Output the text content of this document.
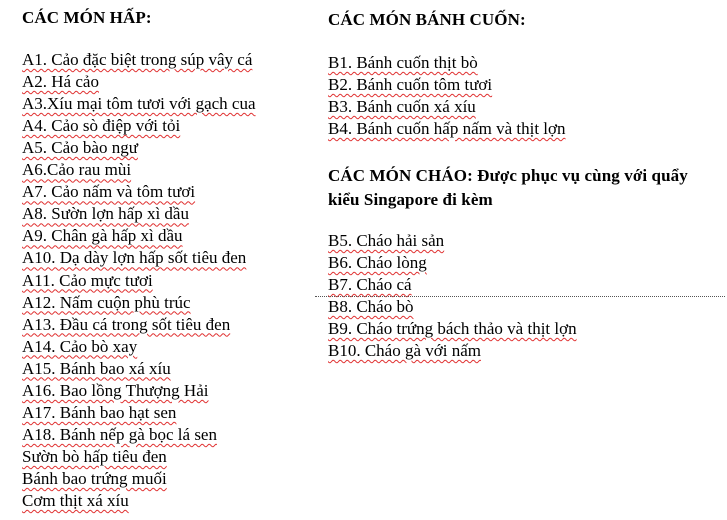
CÁC MÓN HẤP:
A1. Cảo đặc biệt trong súp vây cá
A2. Há cảo
A3.Xíu mại tôm tươi với gạch cua
A4. Cảo sò điệp với tỏi
A5. Cảo bào ngư
A6.Cảo rau mùi
A7. Cảo nấm và tôm tươi
A8. Sườn lợn hấp xì dầu
A9. Chân gà hấp xì dầu
A10. Dạ dày lợn hấp sốt tiêu đen
A11. Cảo mực tươi
A12. Nấm cuộn phù trúc
A13. Đầu cá trong sốt tiêu đen
A14. Cảo bò xay
A15. Bánh bao xá xíu
A16. Bao lồng Thượng Hải
A17. Bánh bao hạt sen
A18. Bánh nếp gà bọc lá sen
Sườn bò hấp tiêu đen
Bánh bao trứng muối
Cơm thịt xá xíu
CÁC MÓN BÁNH CUỐN:
B1. Bánh cuốn thịt bò
B2. Bánh cuốn tôm tươi
B3. Bánh cuốn xá xíu
B4. Bánh cuốn hấp nấm và thịt lợn
CÁC MÓN CHÁO: Được phục vụ cùng với quẩy kiểu Singapore đi kèm
B5. Cháo hải sản
B6. Cháo lòng
B7. Cháo cá
B8. Cháo bò
B9. Cháo trứng bách thảo và thịt lợn
B10. Cháo gà với nấm
